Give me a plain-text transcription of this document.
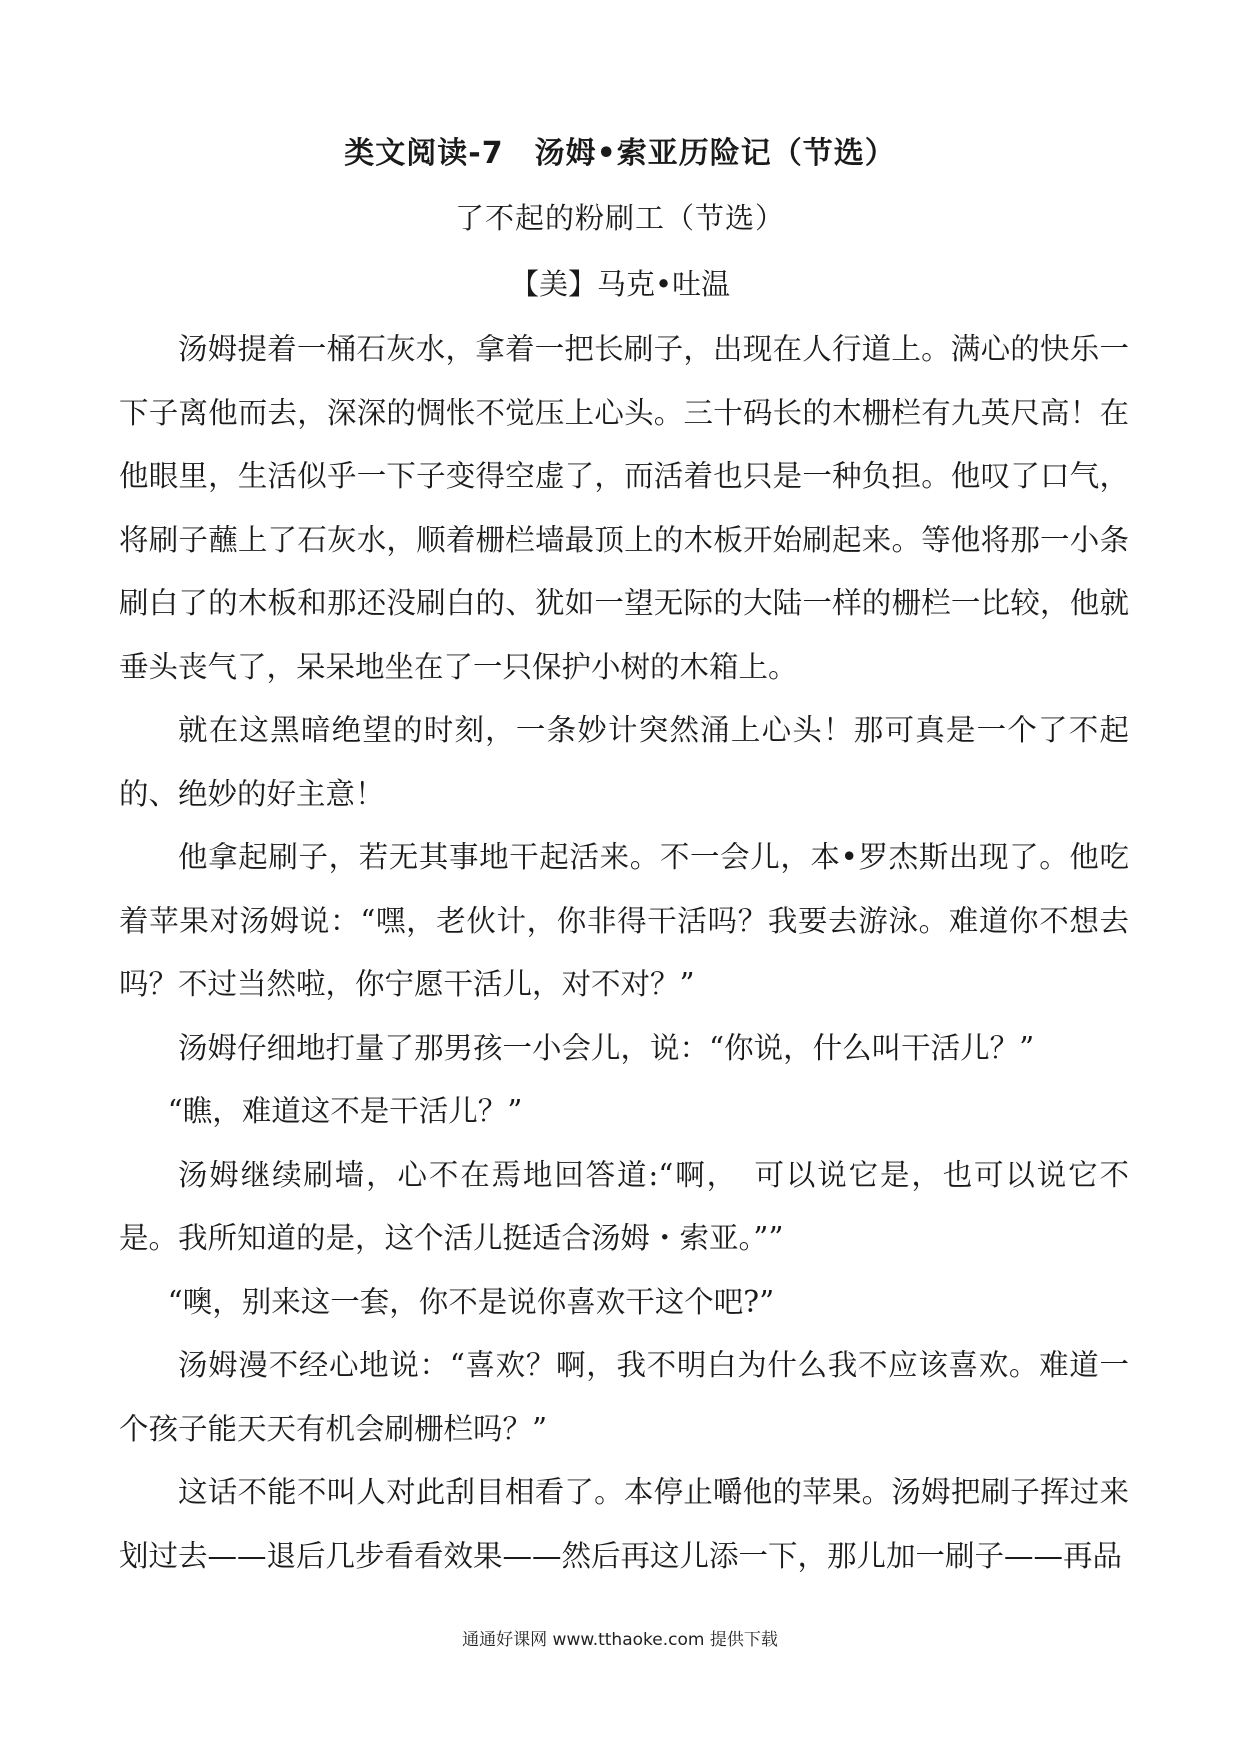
类文阅读-7　汤姆•索亚历险记（节选）
了不起的粉刷工（节选）
【美】马克•吐温

汤姆提着一桶石灰水，拿着一把长刷子，出现在人行道上。满心的快乐一下子离他而去，深深的惆怅不觉压上心头。三十码长的木栅栏有九英尺高！在他眼里，生活似乎一下子变得空虚了，而活着也只是一种负担。他叹了口气，将刷子蘸上了石灰水，顺着栅栏墙最顶上的木板开始刷起来。等他将那一小条刷白了的木板和那还没刷白的、犹如一望无际的大陆一样的栅栏一比较，他就垂头丧气了，呆呆地坐在了一只保护小树的木箱上。

就在这黑暗绝望的时刻，一条妙计突然涌上心头！那可真是一个了不起的、绝妙的好主意！

他拿起刷子，若无其事地干起活来。不一会儿，本•罗杰斯出现了。他吃着苹果对汤姆说：“嘿，老伙计，你非得干活吗？我要去游泳。难道你不想去吗？不过当然啦，你宁愿干活儿，对不对？”

汤姆仔细地打量了那男孩一小会儿，说：“你说，什么叫干活儿？”

“瞧，难道这不是干活儿？”

汤姆继续刷墙，心不在焉地回答道:“啊，　可以说它是，也可以说它不是。我所知道的是，这个活儿挺适合汤姆・索亚。””

“噢，别来这一套，你不是说你喜欢干这个吧?”

汤姆漫不经心地说：“喜欢？啊，我不明白为什么我不应该喜欢。难道一个孩子能天天有机会刷栅栏吗？”

这话不能不叫人对此刮目相看了。本停止嚼他的苹果。汤姆把刷子挥过来划过去——退后几步看看效果——然后再这儿添一下，那儿加一刷子——再品

通通好课网 www.tthaoke.com 提供下载
